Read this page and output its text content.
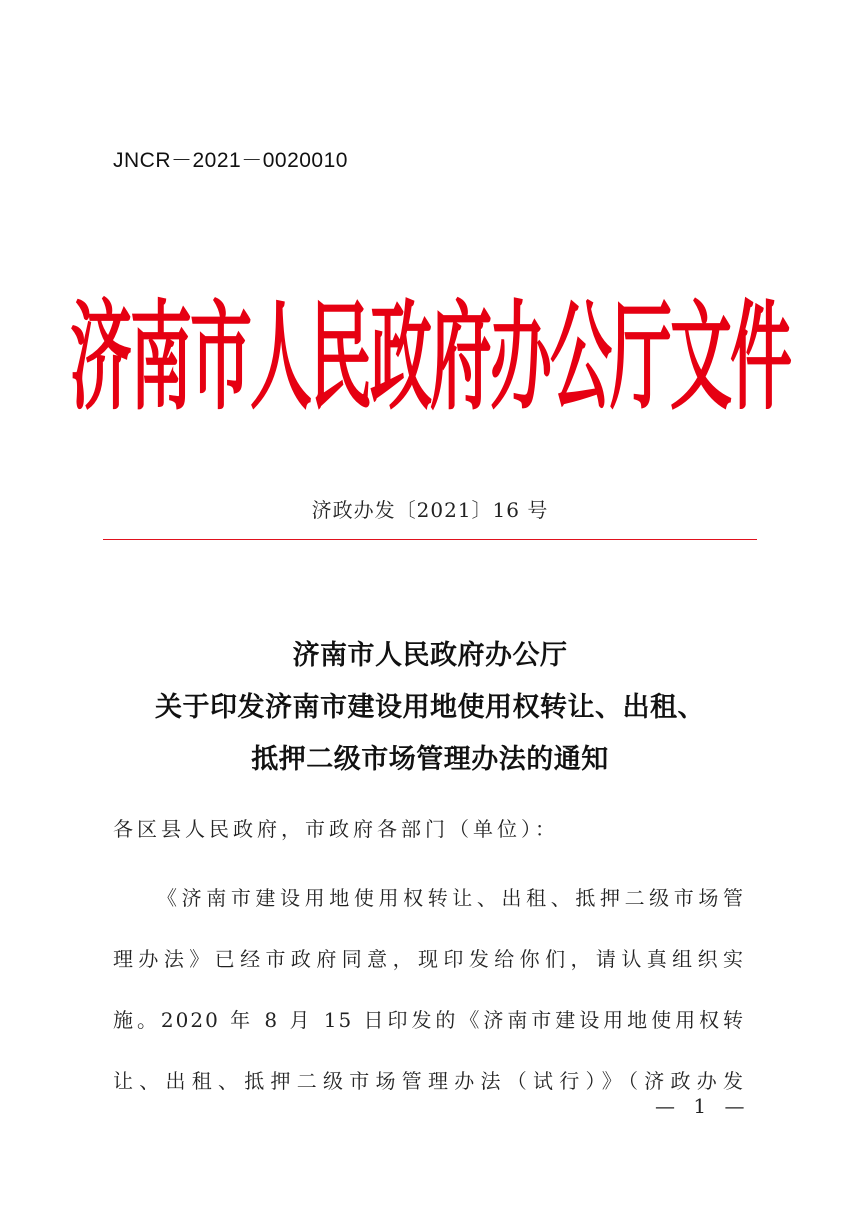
JNCR－2021－0020010
济南市人民政府办公厅文件
济政办发〔2021〕16 号
济南市人民政府办公厅
关于印发济南市建设用地使用权转让、出租、
抵押二级市场管理办法的通知
各区县人民政府，市政府各部门（单位）：
《济南市建设用地使用权转让、出租、抵押二级市场管
理办法》已经市政府同意，现印发给你们，请认真组织实
施。2020 年 8 月 15 日印发的《济南市建设用地使用权转
让、出租、抵押二级市场管理办法（试行）》（济政办发
— 1 —
